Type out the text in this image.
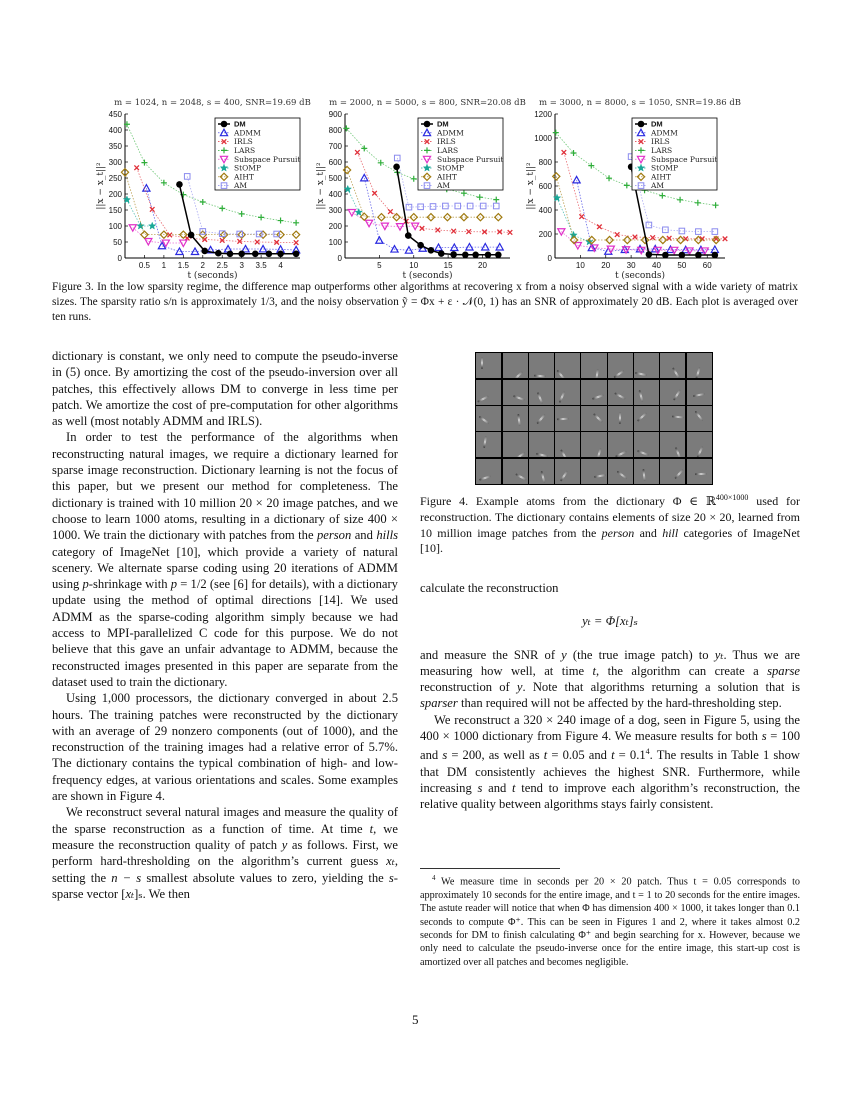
m = 1024, n = 2048, s = 400, SNR=19.69 dB
0
50
100
150
200
250
300
350
400
450
0.5 1 1.5 2 2.5 3 3.5 4
t (seconds)
||x − x_t||²
DM
ADMM
IRLS
LARS
Subspace Pursuit
StOMP
AIHT
AM
m = 2000, n = 5000, s = 800, SNR=20.08 dB
0
100
200
300
400
500
600
700
800
900
5	10	15	20
t (seconds)
||x − x_t||²
DM
ADMM
IRLS
LARS
Subspace Pursuit
StOMP
AIHT
AM
m = 3000, n = 8000, s = 1050, SNR=19.86 dB
0
200
400
600
800
1000
1200
10 20 30 40 50 60
t (seconds)
||x − x_t||²
DM
ADMM
IRLS
LARS
Subspace Pursuit
StOMP
AIHT
AM
Figure 3. In the low sparsity regime, the difference map outperforms other algorithms at recovering x from a noisy observed signal with a wide variety of matrix sizes. The sparsity ratio s/n is approximately 1/3, and the noisy observation ỹ = Φx + ε · 𝒩(0, 1) has an SNR of approximately 20 dB. Each plot is averaged over ten runs.

dictionary is constant, we only need to compute the pseudo-inverse in (5) once. By amortizing the cost of the pseudo-inversion over all patches, this effectively allows DM to converge in less time per patch. We amortize the cost of pre-computation for other algorithms as well (most notably ADMM and IRLS).

In order to test the performance of the algorithms when reconstructing natural images, we require a dictionary learned for sparse image reconstruction. Dictionary learning is not the focus of this paper, but we present our method for completeness. The dictionary is trained with 10 million 20 × 20 image patches, and we choose to learn 1000 atoms, resulting in a dictionary of size 400 × 1000. We train the dictionary with patches from the person and hills category of ImageNet [10], which provide a variety of natural scenery. We alternate sparse coding using 20 iterations of ADMM using p-shrinkage with p = 1/2 (see [6] for details), with a dictionary update using the method of optimal directions [14]. We used ADMM as the sparse-coding algorithm simply because we had access to MPI-parallelized C code for this purpose. We do not believe that this gave an unfair advantage to ADMM, because the reconstructed images presented in this paper are separate from the dataset used to train the dictionary.

Using 1,000 processors, the dictionary converged in about 2.5 hours. The training patches were reconstructed by the dictionary with an average of 29 nonzero components (out of 1000), and the reconstruction of the training images had a relative error of 5.7%. The dictionary contains the typical combination of high- and low-frequency edges, at various orientations and scales. Some examples are shown in Figure 4.

We reconstruct several natural images and measure the quality of the sparse reconstruction as a function of time. At time t, we measure the reconstruction quality of patch y as follows. First, we perform hard-thresholding on the algorithm’s current guess xₜ, setting the n − s smallest absolute values to zero, yielding the s-sparse vector [xₜ]ₛ. We then

Figure 4. Example atoms from the dictionary Φ ∈ ℝ$^{400\times 1000}$ used for reconstruction. The dictionary contains elements of size 20 × 20, learned from 10 million image patches from the person and hill categories of ImageNet [10].

calculate the reconstruction

yₜ = Φ[xₜ]ₛ

and measure the SNR of y (the true image patch) to yₜ. Thus we are measuring how well, at time t, the algorithm can create a sparse reconstruction of y. Note that algorithms returning a solution that is sparser than required will not be affected by the hard-thresholding step.

We reconstruct a 320 × 240 image of a dog, seen in Figure 5, using the 400 × 1000 dictionary from Figure 4. We measure results for both s = 100 and s = 200, as well as t = 0.05 and $t = 0.1^4$. The results in Table 1 show that DM consistently achieves the highest SNR. Furthermore, while increasing s and t tend to improve each algorithm’s reconstruction, the relative quality between algorithms stays fairly consistent.

$^4$ We measure time in seconds per 20 × 20 patch. Thus t = 0.05 corresponds to approximately 10 seconds for the entire image, and t = 1 to 20 seconds for the entire images. The astute reader will notice that when Φ has dimension 400 × 1000, it takes longer than 0.1 seconds to compute Φ⁺. This can be seen in Figures 1 and 2, where it takes almost 0.2 seconds for DM to finish calculating Φ⁺ and begin searching for x. However, because we only need to calculate the pseudo-inverse once for the entire image, this start-up cost is amortized over all patches and becomes negligible.
5
